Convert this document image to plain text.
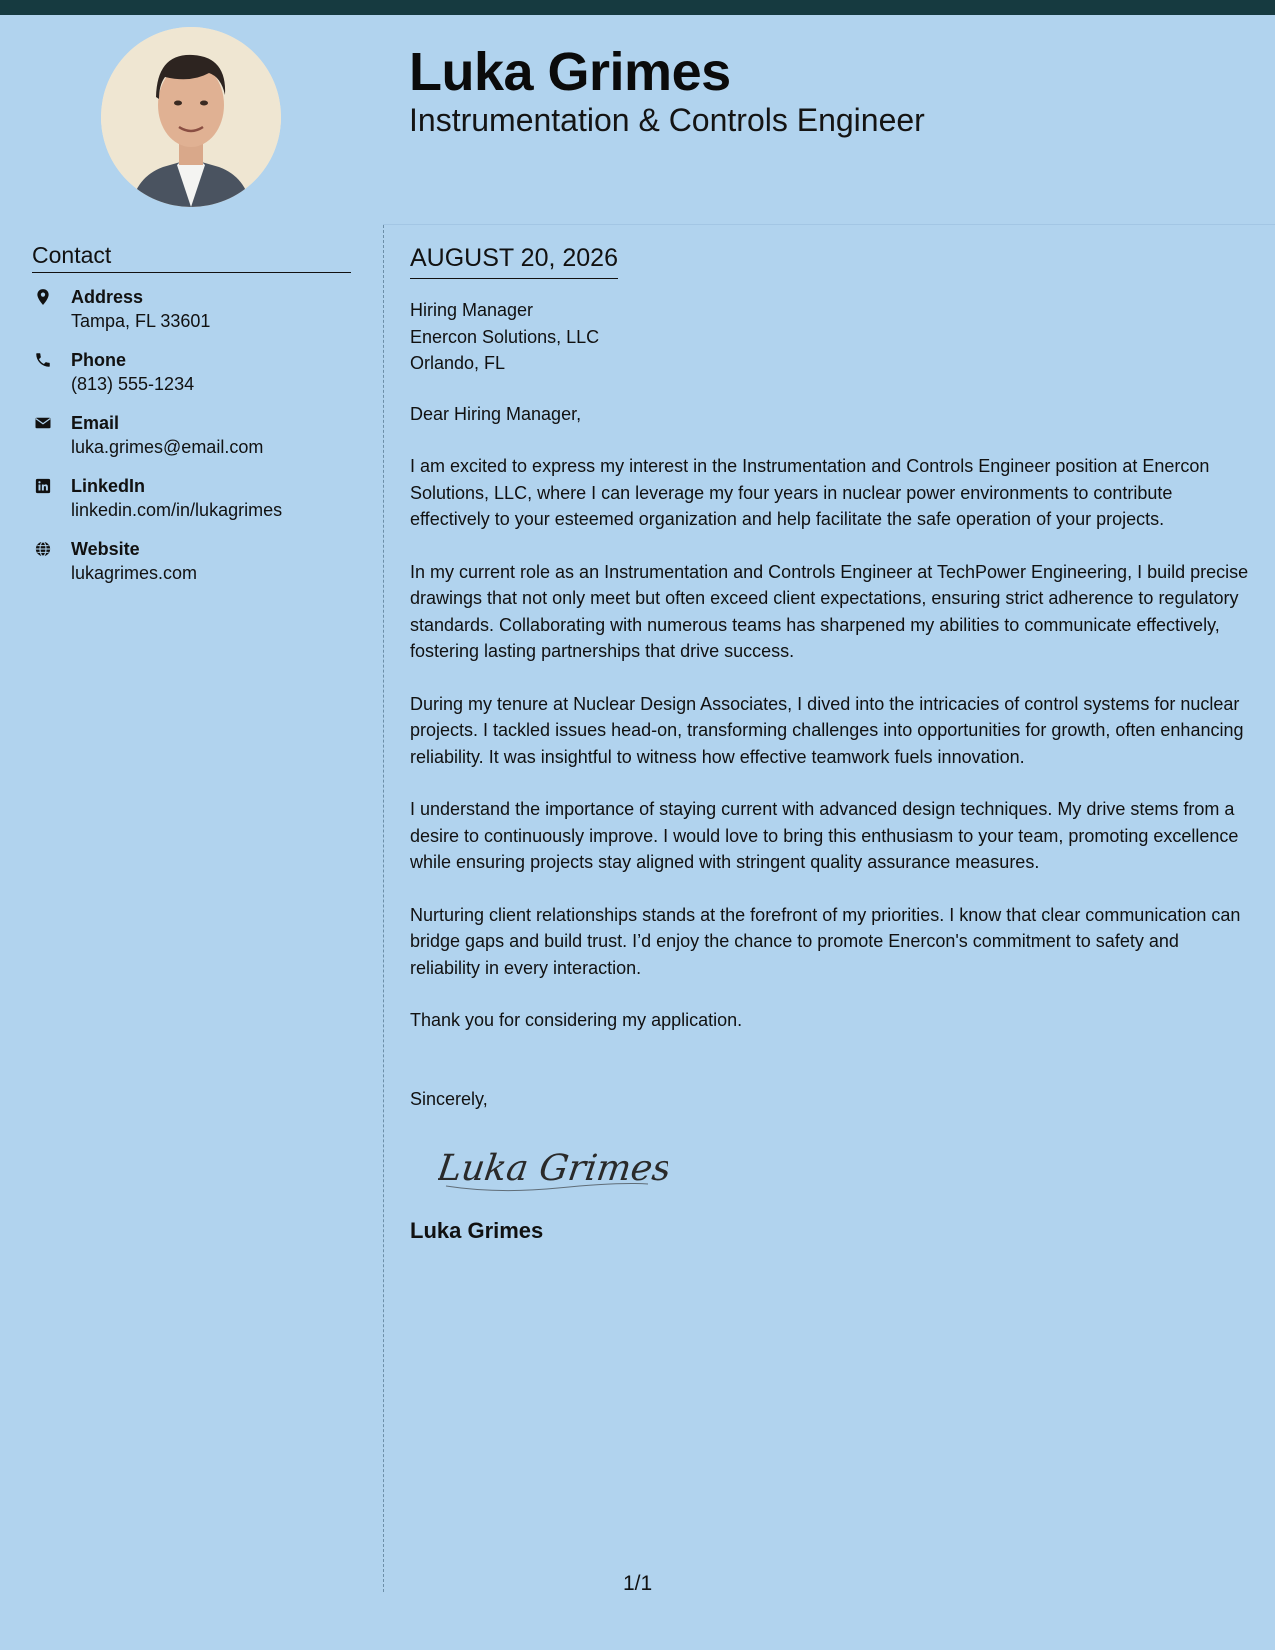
Luka Grimes
Instrumentation & Controls Engineer
Contact
Address
Tampa, FL 33601
Phone
(813) 555-1234
Email
luka.grimes@email.com
LinkedIn
linkedin.com/in/lukagrimes
Website
lukagrimes.com
AUGUST 20, 2026
Hiring Manager
Enercon Solutions, LLC
Orlando, FL

Dear Hiring Manager,

I am excited to express my interest in the Instrumentation and Controls Engineer position at Enercon Solutions, LLC, where I can leverage my four years in nuclear power environments to contribute effectively to your esteemed organization and help facilitate the safe operation of your projects.

In my current role as an Instrumentation and Controls Engineer at TechPower Engineering, I build precise drawings that not only meet but often exceed client expectations, ensuring strict adherence to regulatory standards. Collaborating with numerous teams has sharpened my abilities to communicate effectively, fostering lasting partnerships that drive success.

During my tenure at Nuclear Design Associates, I dived into the intricacies of control systems for nuclear projects. I tackled issues head-on, transforming challenges into opportunities for growth, often enhancing reliability. It was insightful to witness how effective teamwork fuels innovation.

I understand the importance of staying current with advanced design techniques. My drive stems from a desire to continuously improve. I would love to bring this enthusiasm to your team, promoting excellence while ensuring projects stay aligned with stringent quality assurance measures.

Nurturing client relationships stands at the forefront of my priorities. I know that clear communication can bridge gaps and build trust. I’d enjoy the chance to promote Enercon's commitment to safety and reliability in every interaction.

Thank you for considering my application.

Sincerely,

Luka Grimes
Luka Grimes
1/1
